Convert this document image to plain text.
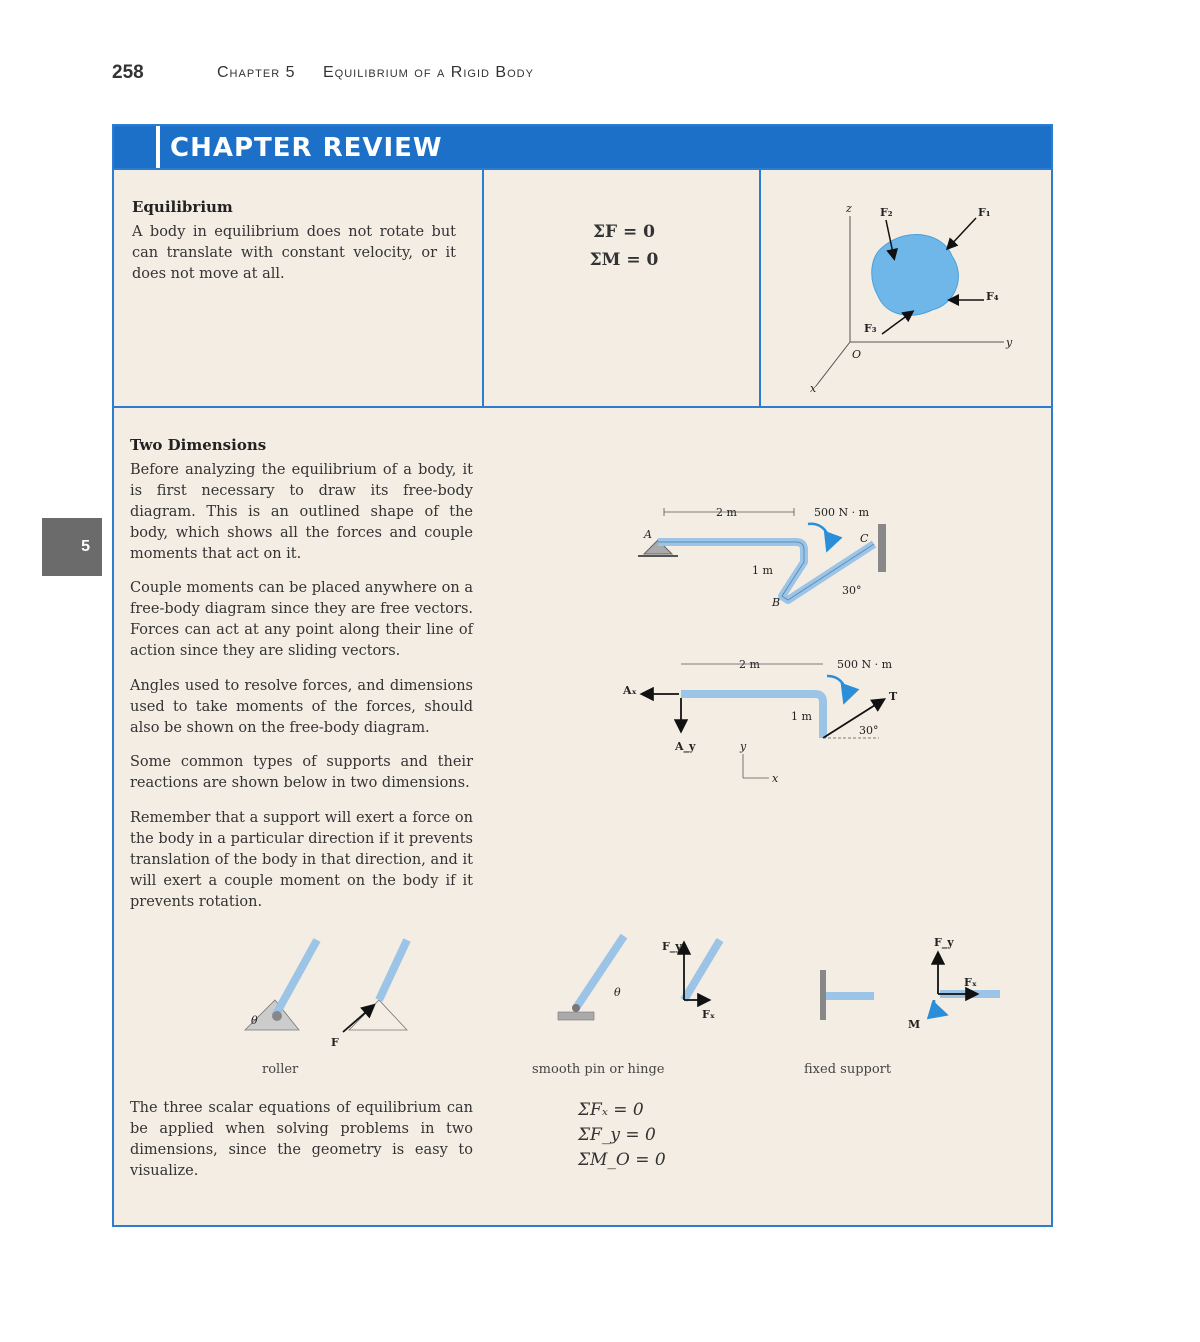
258	Chapter 5 Equilibrium of a Rigid Body
5
CHAPTER REVIEW
Equilibrium
A body in equilibrium does not rotate but can translate with constant velocity, or it does not move at all.
ΣF = 0
ΣM = 0
z
y
x
O
F₂	F₁
F₄
F₃
Two Dimensions
Before analyzing the equilibrium of a body, it is first necessary to draw its free-body diagram. This is an outlined shape of the body, which shows all the forces and couple moments that act on it.
Couple moments can be placed anywhere on a free-body diagram since they are free vectors. Forces can act at any point along their line of action since they are sliding vectors.
Angles used to resolve forces, and dimensions used to take moments of the forces, should also be shown on the free-body diagram.
Some common types of supports and their reactions are shown below in two dimensions.
Remember that a support will exert a force on the body in a particular direction if it prevents translation of the body in that direction, and it will exert a couple moment on the body if it prevents rotation.
2 m	500 N · m
A	C
B
30°
1 m
2 m	500 N · m
Aₓ
A_y
T
30°
1 m
y
x
θ
F
roller
θ
F_y
Fₓ
smooth pin or hinge
F_y
Fₓ
M
fixed support
The three scalar equations of equilibrium can be applied when solving problems in two dimensions, since the geometry is easy to visualize.
ΣFₓ = 0
ΣF_y = 0
ΣM_O = 0
